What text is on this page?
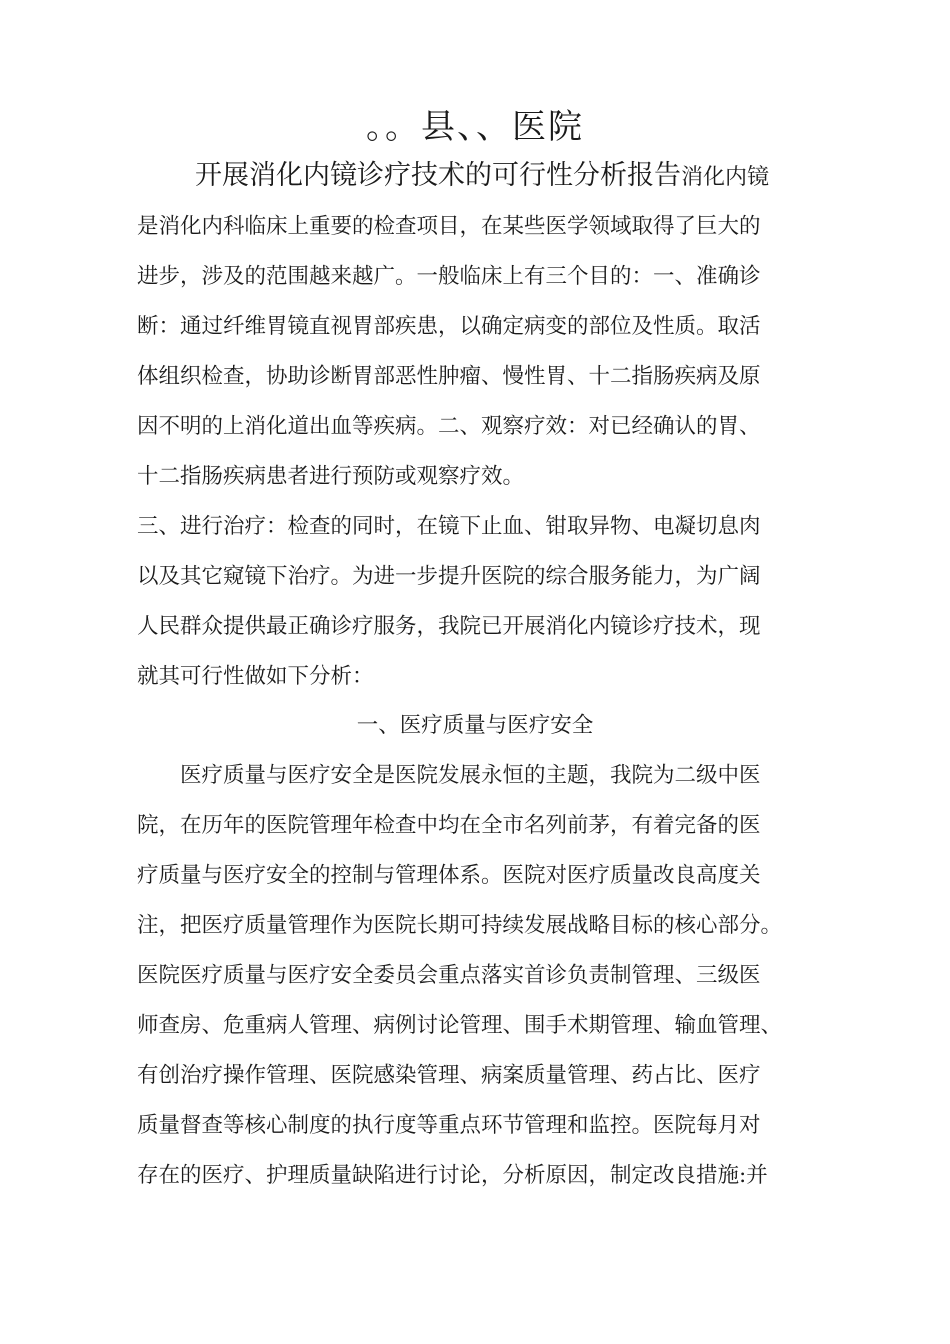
。。县、、医院

开展消化内镜诊疗技术的可行性分析报告消化内镜

是消化内科临床上重要的检查项目，在某些医学领域取得了巨大的

进步，涉及的范围越来越广。一般临床上有三个目的：一、准确诊

断：通过纤维胃镜直视胃部疾患，以确定病变的部位及性质。取活

体组织检查，协助诊断胃部恶性肿瘤、慢性胃、十二指肠疾病及原

因不明的上消化道出血等疾病。二、观察疗效：对已经确认的胃、

十二指肠疾病患者进行预防或观察疗效。

三、进行治疗：检查的同时，在镜下止血、钳取异物、电凝切息肉

以及其它窥镜下治疗。为进一步提升医院的综合服务能力，为广阔

人民群众提供最正确诊疗服务，我院已开展消化内镜诊疗技术，现

就其可行性做如下分析：

一、医疗质量与医疗安全

　　医疗质量与医疗安全是医院发展永恒的主题，我院为二级中医

院，在历年的医院管理年检查中均在全市名列前茅，有着完备的医

疗质量与医疗安全的控制与管理体系。医院对医疗质量改良高度关

注，把医疗质量管理作为医院长期可持续发展战略目标的核心部分。

医院医疗质量与医疗安全委员会重点落实首诊负责制管理、三级医

师查房、危重病人管理、病例讨论管理、围手术期管理、输血管理、

有创治疗操作管理、医院感染管理、病案质量管理、药占比、医疗

质量督查等核心制度的执行度等重点环节管理和监控。医院每月对

存在的医疗、护理质量缺陷进行讨论，分析原因，制定改良措施:并
